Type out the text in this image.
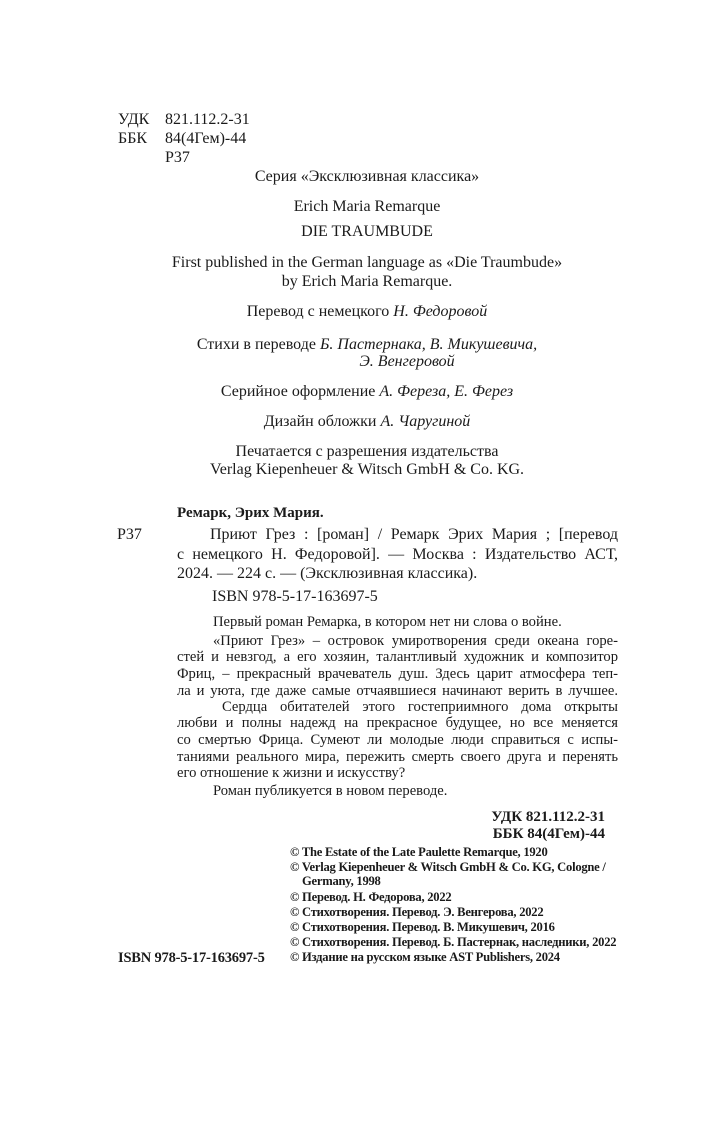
УДК 821.112.2-31
ББК 84(4Гем)-44
Р37
Серия «Эксклюзивная классика»
Erich Maria Remarque
DIE TRAUMBUDE
First published in the German language as «Die Traumbude»
by Erich Maria Remarque.
Перевод с немецкого Н. Федоровой
Стихи в переводе Б. Пастернака, В. Микушевича,
Э. Венгеровой
Серийное оформление А. Фереза, Е. Ферез
Дизайн обложки А. Чаругиной
Печатается с разрешения издательства
Verlag Kiepenheuer & Witsch GmbH & Co. KG.
Ремарк, Эрих Мария.
Р37	Приют Грез : [роман] / Ремарк Эрих Мария ; [перевод
с немецкого Н. Федоровой]. — Москва : Издательство АСТ,
2024. — 224 с. — (Эксклюзивная классика).
ISBN 978-5-17-163697-5
Первый роман Ремарка, в котором нет ни слова о войне.
«Приют Грез» – островок умиротворения среди океана горе-
стей и невзгод, а его хозяин, талантливый художник и композитор
Фриц, – прекрасный врачеватель душ. Здесь царит атмосфера теп-
ла и уюта, где даже самые отчаявшиеся начинают верить в лучшее.
Сердца обитателей этого гостеприимного дома открыты
любви и полны надежд на прекрасное будущее, но все меняется
со смертью Фрица. Сумеют ли молодые люди справиться с испы-
таниями реального мира, пережить смерть своего друга и перенять
его отношение к жизни и искусству?
Роман публикуется в новом переводе.
УДК 821.112.2-31
ББК 84(4Гем)-44
© The Estate of the Late Paulette Remarque, 1920
© Verlag Kiepenheuer & Witsch GmbH & Co. KG, Cologne /
Germany, 1998
© Перевод. Н. Федорова, 2022
© Стихотворения. Перевод. Э. Венгерова, 2022
© Стихотворения. Перевод. В. Микушевич, 2016
© Стихотворения. Перевод. Б. Пастернак, наследники, 2022
© Издание на русском языке AST Publishers, 2024
ISBN 978-5-17-163697-5
